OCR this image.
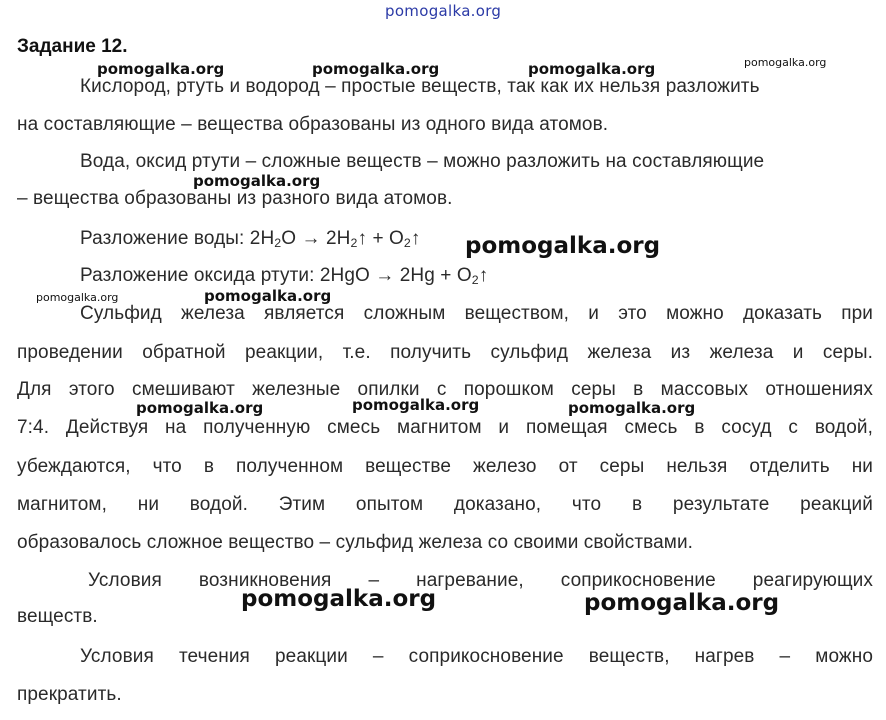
pomogalka.org
Задание 12.
pomogalka.org	pomogalka.org	pomogalka.org	pomogalka.org
Кислород, ртуть и водород – простые веществ, так как их нельзя разложить
на составляющие – вещества образованы из одного вида атомов.
Вода, оксид ртути – сложные веществ – можно разложить на составляющие
pomogalka.org
– вещества образованы из разного вида атомов.
Разложение воды: $2H_2O$ → $2H_2↑$ + $O_2↑$ pomogalka.org
Разложение оксида ртути: $2HgO \to 2Hg + O_2↑$
pomogalka.org	pomogalka.org
Сульфид железа является сложным веществом, и это можно доказать при
проведении обратной реакции, т.е. получить сульфид железа из железа и серы.
Для этого смешивают железные опилки с порошком серы в массовых отношениях
pomogalka.org	pomogalka.org	pomogalka.org
7:4. Действуя на полученную смесь магнитом и помещая смесь в сосуд с водой,
убеждаются, что в полученном веществе железо от серы нельзя отделить ни
магнитом, ни водой. Этим опытом доказано, что в результате реакций
образовалось сложное вещество – сульфид железа со своими свойствами.
Условия возникновения – нагревание, соприкосновение реагирующих
pomogalka.org	pomogalka.org
веществ.
Условия течения реакции – соприкосновение веществ, нагрев – можно
прекратить.
